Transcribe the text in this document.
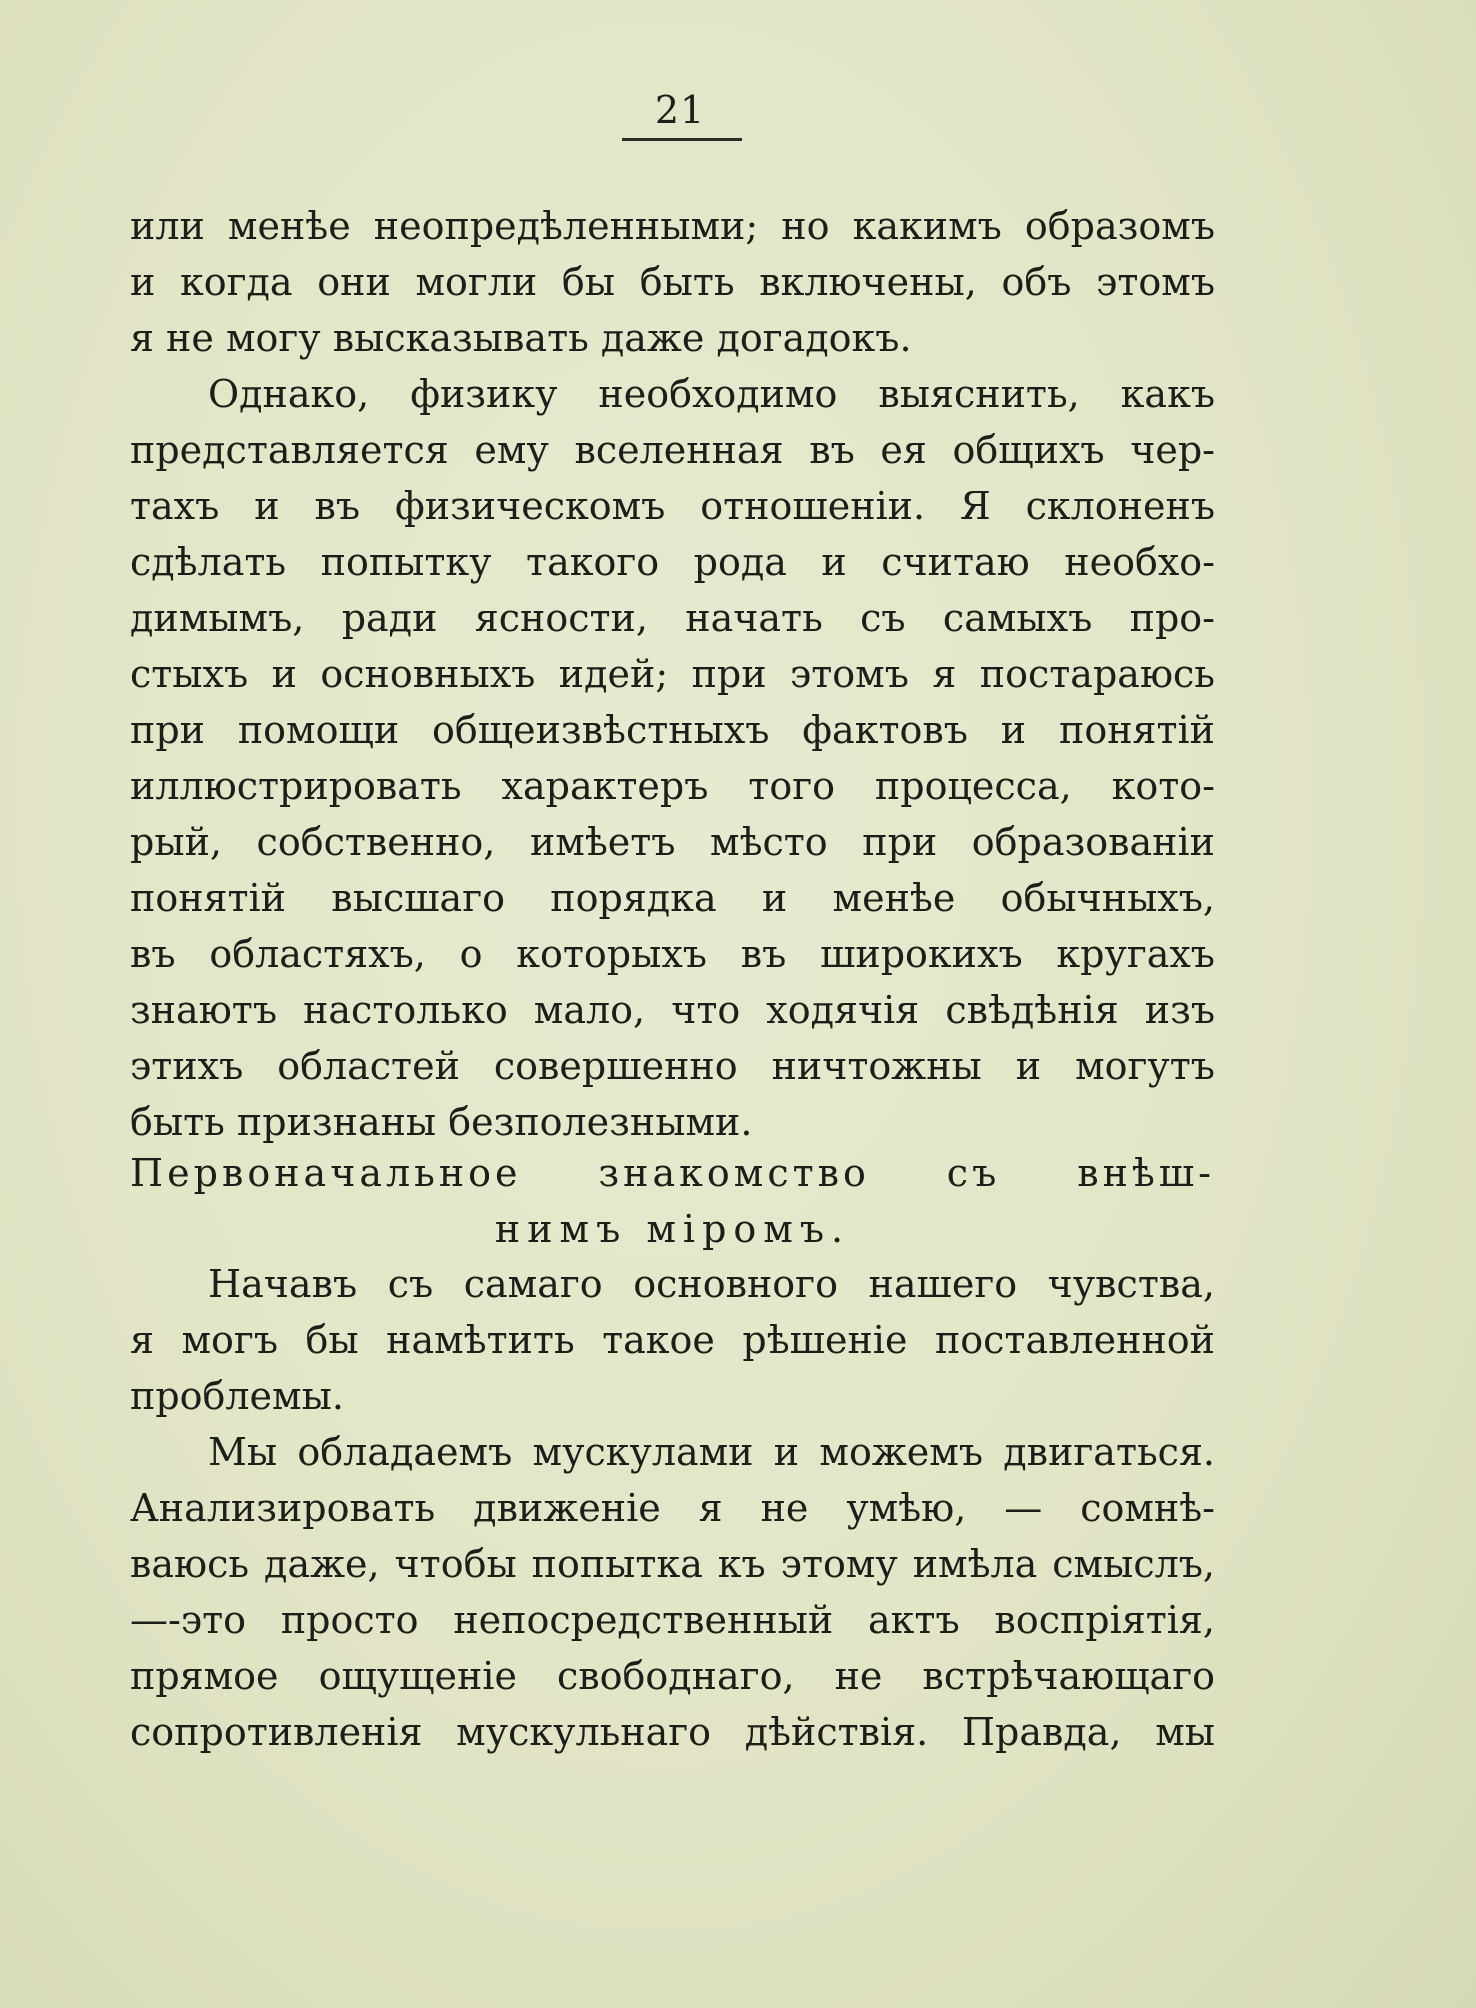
21
или менѣе неопредѣленными; но какимъ образомъ
и когда они могли бы быть включены, объ этомъ
я не могу высказывать даже догадокъ.
Однако, физику необходимо выяснить, какъ
представляется ему вселенная въ ея общихъ чер-
тахъ и въ физическомъ отношенiи. Я склоненъ
сдѣлать попытку такого рода и считаю необхо-
димымъ, ради ясности, начать съ самыхъ про-
стыхъ и основныхъ идей; при этомъ я постараюсь
при помощи общеизвѣстныхъ фактовъ и понятiй
иллюстрировать характеръ того процесса, кото-
рый, собственно, имѣетъ мѣсто при образованiи
понятiй высшаго порядка и менѣе обычныхъ,
въ областяхъ, о которыхъ въ широкихъ кругахъ
знаютъ настолько мало, что ходячiя свѣдѣнiя изъ
этихъ областей совершенно ничтожны и могутъ
быть признаны безполезными.
Первоначальное знакомство съ внѣш-
нимъ мiромъ.
Начавъ съ самаго основного нашего чувства,
я могъ бы намѣтить такое рѣшенiе поставленной
проблемы.
Мы обладаемъ мускулами и можемъ двигаться.
Анализировать движенiе я не умѣю, — сомнѣ-
ваюсь даже, чтобы попытка къ этому имѣла смыслъ,
—-это просто непосредственный актъ воспрiятiя,
прямое ощущенiе свободнаго, не встрѣчающаго
сопротивленiя мускульнаго дѣйствiя. Правда, мы
